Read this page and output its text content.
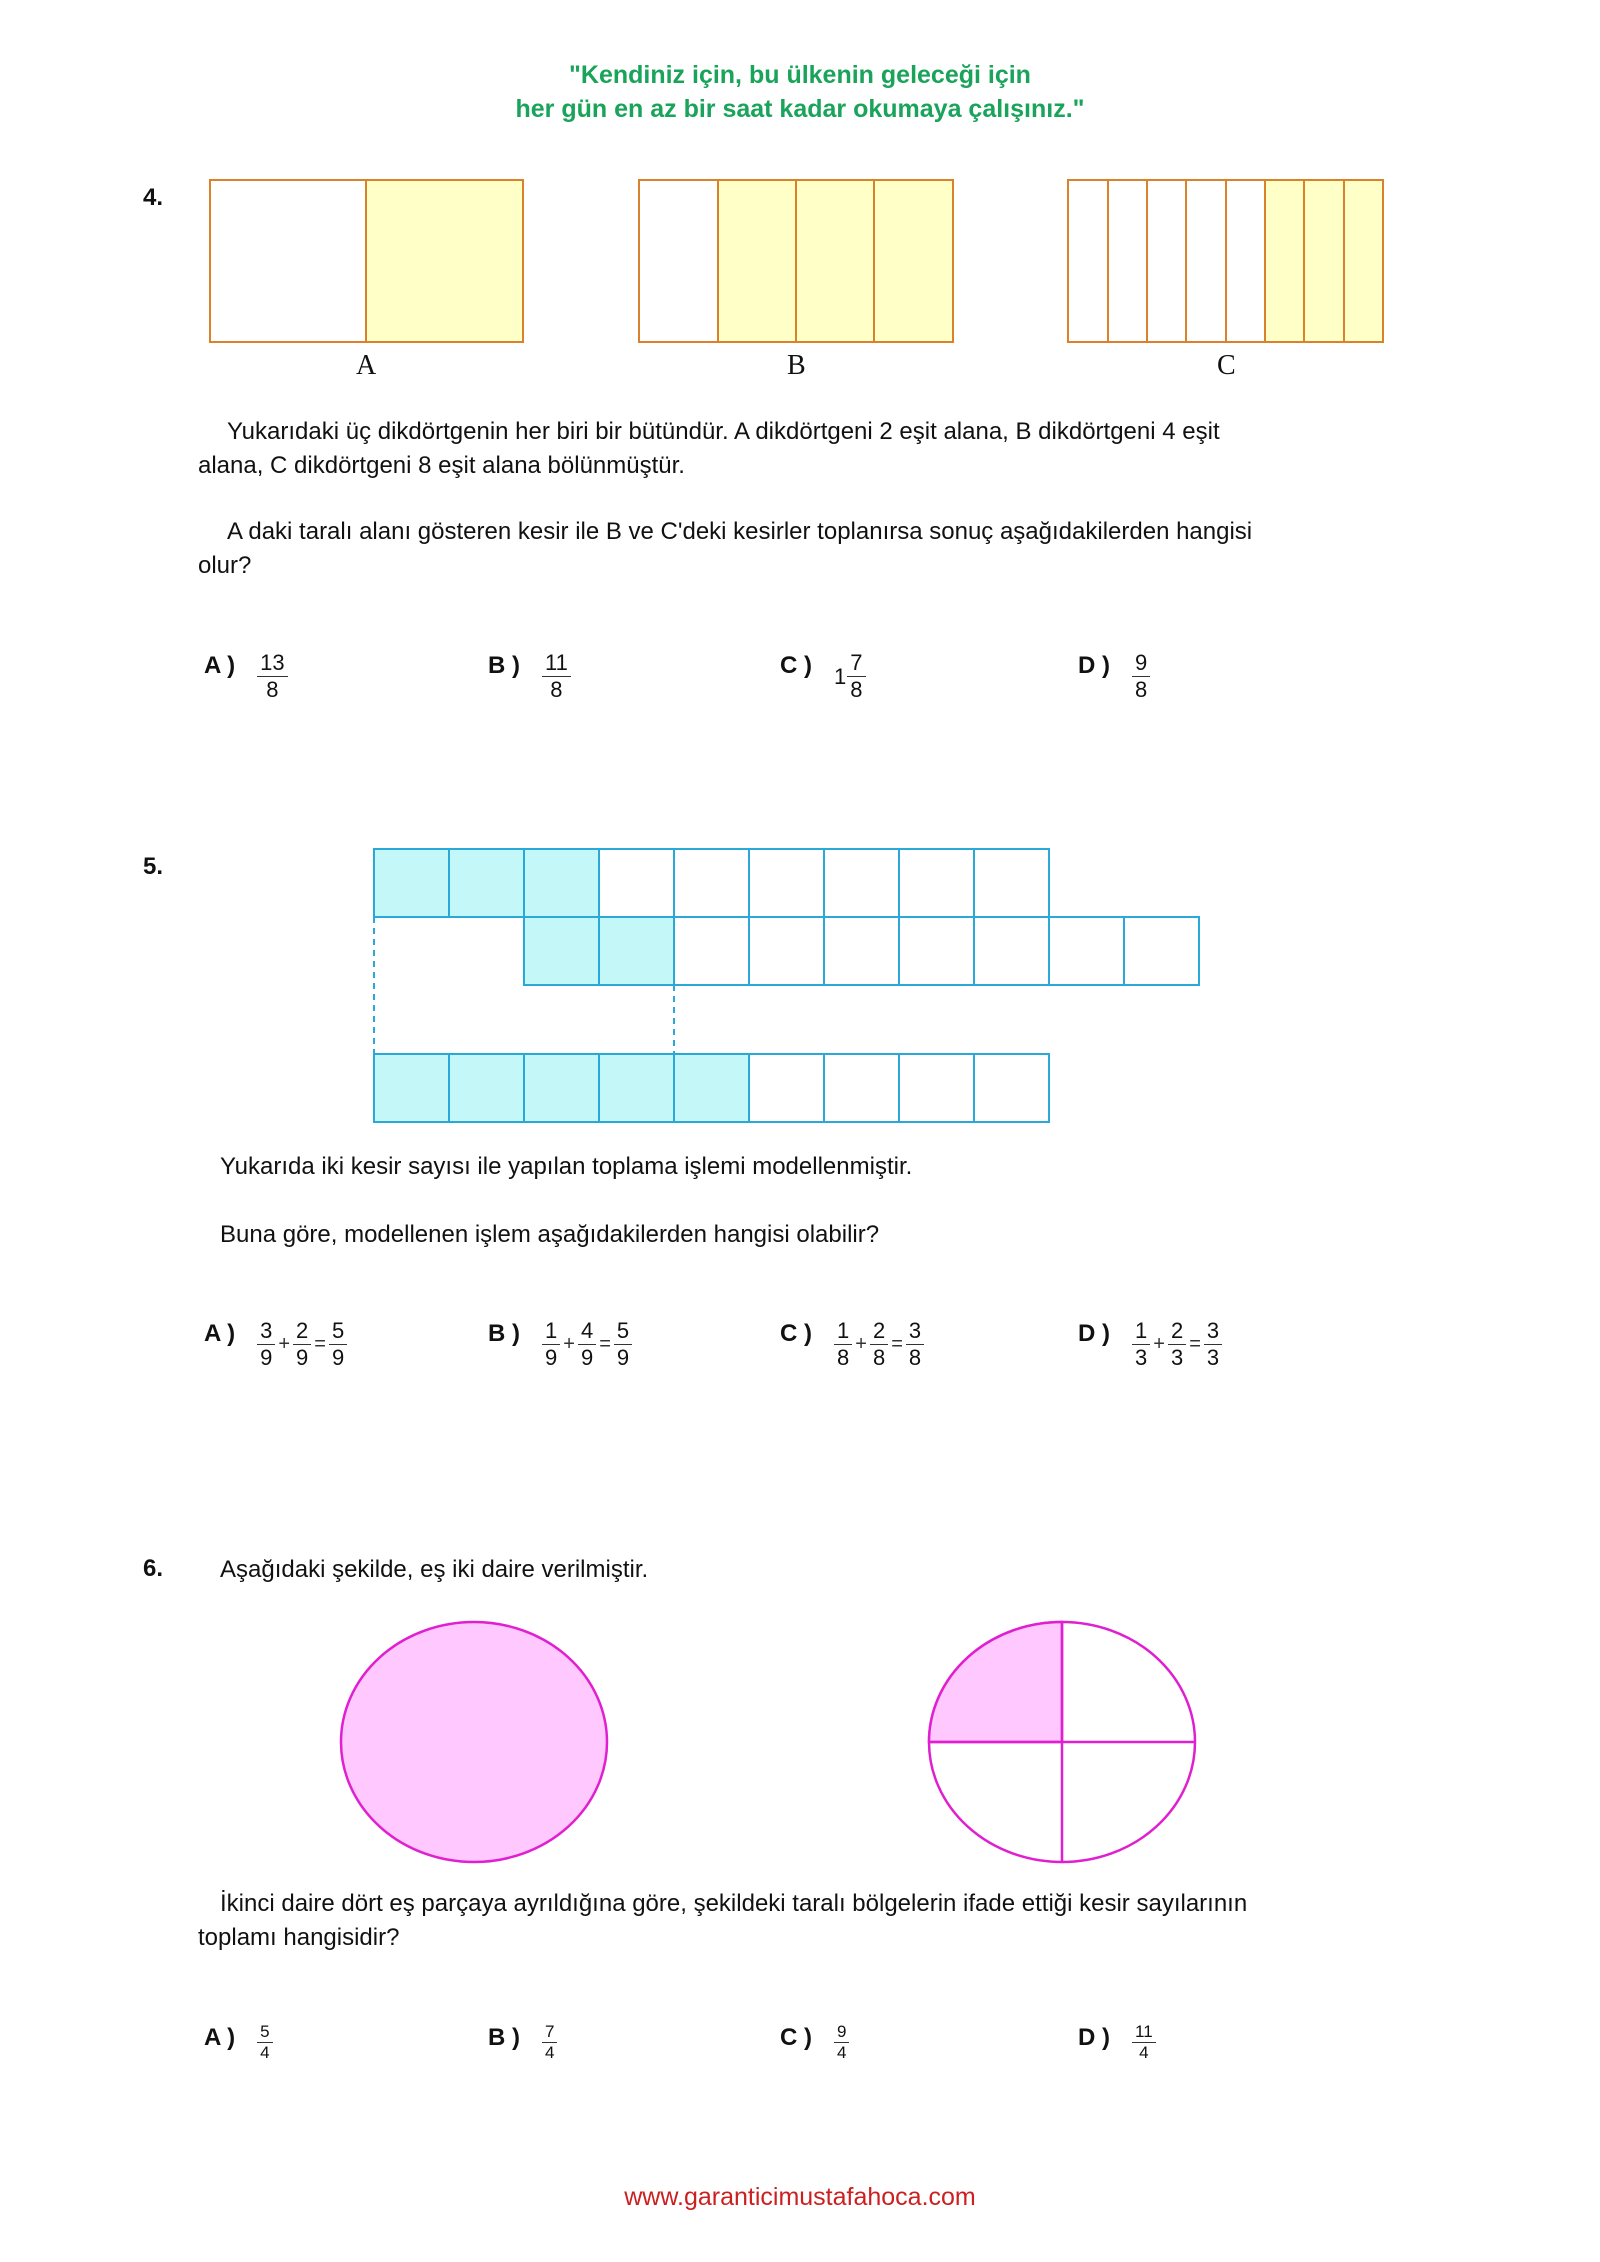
"Kendiniz için, bu ülkenin geleceği için
her gün en az bir saat kadar okumaya çalışınız."
4.
A	B	C
Yukarıdaki üç dikdörtgenin her biri bir bütündür. A dikdörtgeni 2 eşit alana, B dikdörtgeni 4 eşit
alana, C dikdörtgeni 8 eşit alana bölünmüştür.
A daki taralı alanı gösteren kesir ile B ve C'deki kesirler toplanırsa sonuç aşağıdakilerden hangisi
olur?
A ) $\frac{13}{8}$	B ) $\frac{11}{8}$	C ) $1 \frac{7}{8}$	D ) $\frac{9}{8}$
5.
Yukarıda iki kesir sayısı ile yapılan toplama işlemi modellenmiştir.
Buna göre, modellenen işlem aşağıdakilerden hangisi olabilir?
A ) $\frac{3}{9} + \frac{2}{9} = \frac{5}{9}$	B ) $\frac{1}{9} + \frac{4}{9} = \frac{5}{9}$	C ) $\frac{1}{8} + \frac{2}{8} = \frac{3}{8}$	D ) $\frac{1}{3} + \frac{2}{3} = \frac{3}{3}$
6. Aşağıdaki şekilde, eş iki daire verilmiştir.
İkinci daire dört eş parçaya ayrıldığına göre, şekildeki taralı bölgelerin ifade ettiği kesir sayılarının
toplamı hangisidir?
A ) $\frac{5}{4}$	B ) $\frac{7}{4}$	C ) $\frac{9}{4}$	D ) $\frac{11}{4}$
www.garanticimustafahoca.com
